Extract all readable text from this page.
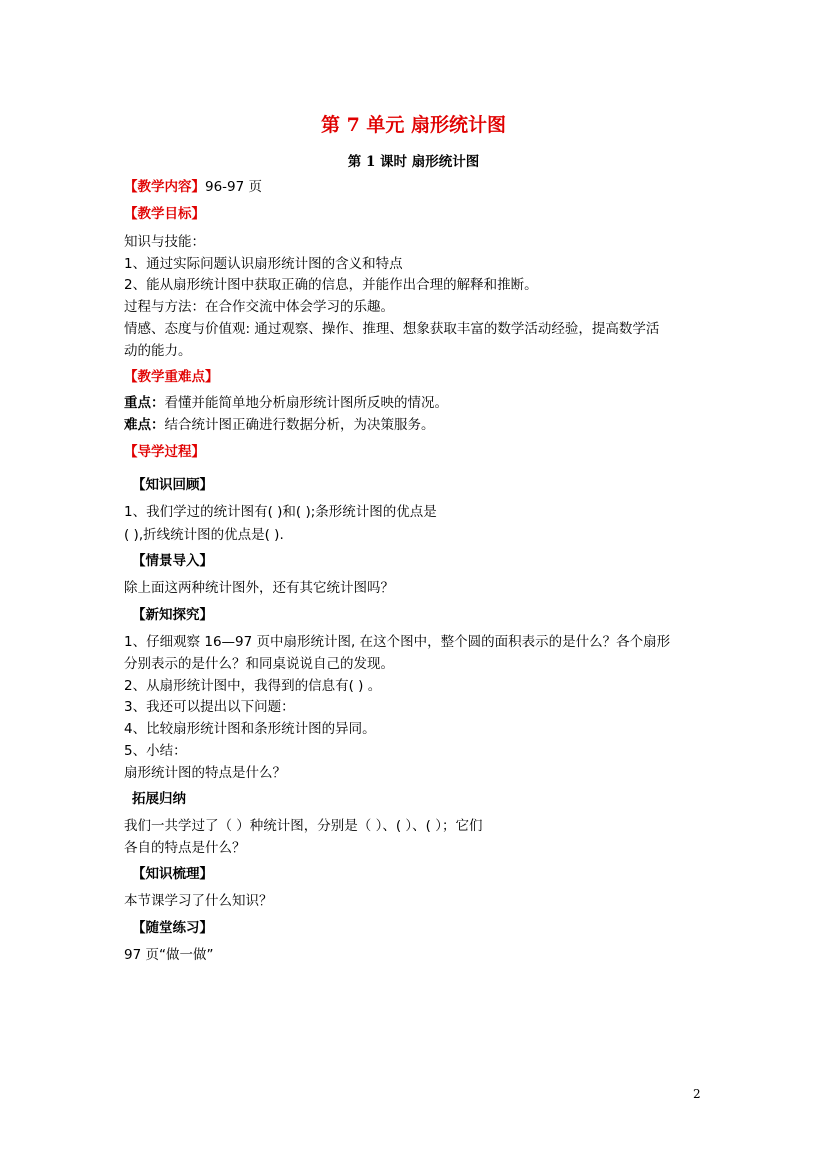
第 7 单元 扇形统计图
第 1 课时 扇形统计图
【教学内容】96-97 页
【教学目标】
知识与技能：
1、通过实际问题认识扇形统计图的含义和特点
2、能从扇形统计图中获取正确的信息，并能作出合理的解释和推断。
过程与方法：在合作交流中体会学习的乐趣。
情感、态度与价值观: 通过观察、操作、推理、想象获取丰富的数学活动经验，提高数学活
动的能力。
【教学重难点】
重点：看懂并能简单地分析扇形统计图所反映的情况。
难点：结合统计图正确进行数据分析，为决策服务。
【导学过程】
【知识回顾】
1、我们学过的统计图有( )和( );条形统计图的优点是
( ),折线统计图的优点是( ).
【情景导入】
除上面这两种统计图外，还有其它统计图吗？
【新知探究】
1、仔细观察 16—97 页中扇形统计图, 在这个图中，整个圆的面积表示的是什么？各个扇形
分别表示的是什么？和同桌说说自己的发现。
2、从扇形统计图中，我得到的信息有( ) 。
3、我还可以提出以下问题：
4、比较扇形统计图和条形统计图的异同。
5、小结：
扇形统计图的特点是什么？
拓展归纳
我们一共学过了（ ）种统计图，分别是（ ）、( ）、( ）；它们
各自的特点是什么？
【知识梳理】
本节课学习了什么知识？
【随堂练习】
97 页“做一做”
2
